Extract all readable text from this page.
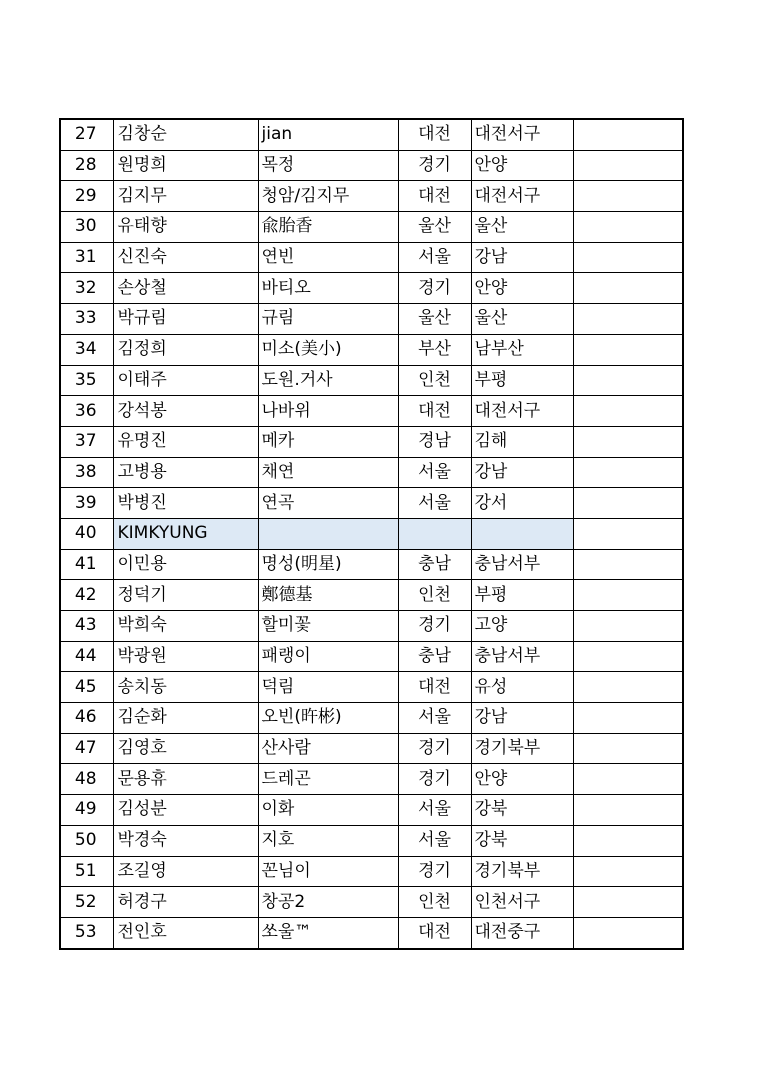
27	김창순	jian	대전	대전서구	
28	원명희	목정	경기	안양	
29	김지무	청암/김지무	대전	대전서구	
30	유태향	兪胎香	울산	울산	
31	신진숙	연빈	서울	강남	
32	손상철	바티오	경기	안양	
33	박규림	규림	울산	울산	
34	김정희	미소(美小)	부산	남부산	
35	이태주	도원.거사	인천	부평	
36	강석봉	나바위	대전	대전서구	
37	유명진	메카	경남	김해	
38	고병용	채연	서울	강남	
39	박병진	연곡	서울	강서	
40	KIMKYUNG				
41	이민용	명성(明星)	충남	충남서부	
42	정덕기	鄭德基	인천	부평	
43	박희숙	할미꽃	경기	고양	
44	박광원	패랭이	충남	충남서부	
45	송치동	덕림	대전	유성	
46	김순화	오빈(旿彬)	서울	강남	
47	김영호	산사람	경기	경기북부	
48	문용휴	드레곤	경기	안양	
49	김성분	이화	서울	강북	
50	박경숙	지호	서울	강북	
51	조길영	꼰님이	경기	경기북부	
52	허경구	창공2	인천	인천서구	
53	전인호	쏘울™	대전	대전중구	
